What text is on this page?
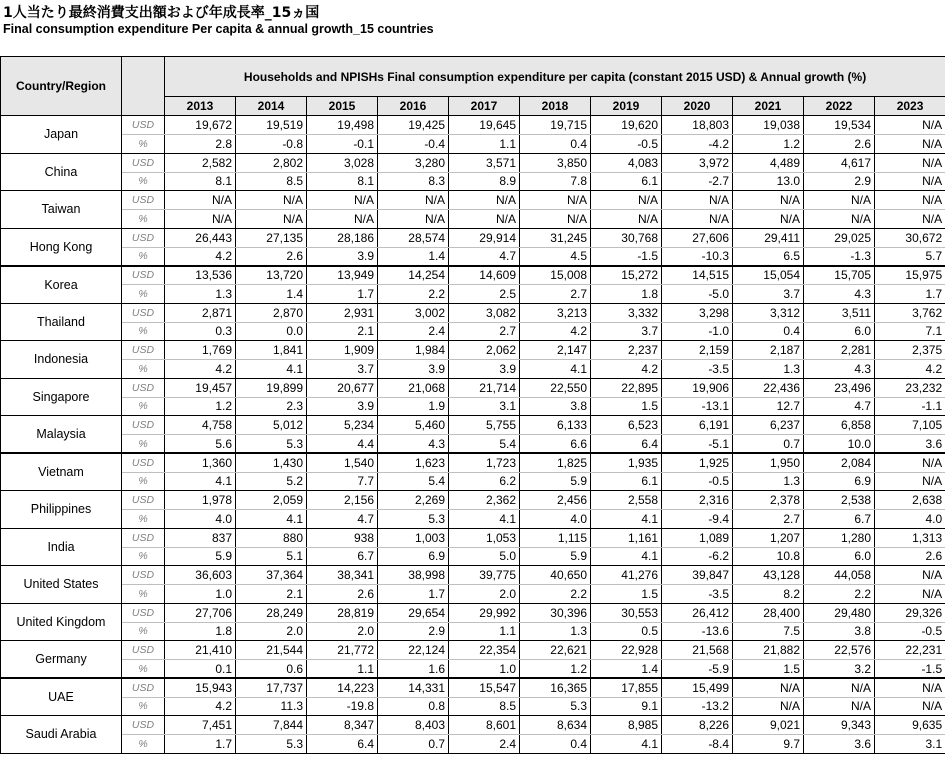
1人当たり最終消費支出額および年成長率_15ヵ国
Final consumption expenditure Per capita & annual growth_15 countries
Country/Region		Households and NPISHs Final consumption expenditure per capita (constant 2015 USD) & Annual growth (%)										
		2013	2014	2015	2016	2017	2018	2019	2020	2021	2022	2023
Japan	USD	19,672	19,519	19,498	19,425	19,645	19,715	19,620	18,803	19,038	19,534	N/A
	%	2.8	-0.8	-0.1	-0.4	1.1	0.4	-0.5	-4.2	1.2	2.6	N/A
China	USD	2,582	2,802	3,028	3,280	3,571	3,850	4,083	3,972	4,489	4,617	N/A
	%	8.1	8.5	8.1	8.3	8.9	7.8	6.1	-2.7	13.0	2.9	N/A
Taiwan	USD	N/A	N/A	N/A	N/A	N/A	N/A	N/A	N/A	N/A	N/A	N/A
	%	N/A	N/A	N/A	N/A	N/A	N/A	N/A	N/A	N/A	N/A	N/A
Hong Kong	USD	26,443	27,135	28,186	28,574	29,914	31,245	30,768	27,606	29,411	29,025	30,672
	%	4.2	2.6	3.9	1.4	4.7	4.5	-1.5	-10.3	6.5	-1.3	5.7
Korea	USD	13,536	13,720	13,949	14,254	14,609	15,008	15,272	14,515	15,054	15,705	15,975
	%	1.3	1.4	1.7	2.2	2.5	2.7	1.8	-5.0	3.7	4.3	1.7
Thailand	USD	2,871	2,870	2,931	3,002	3,082	3,213	3,332	3,298	3,312	3,511	3,762
	%	0.3	0.0	2.1	2.4	2.7	4.2	3.7	-1.0	0.4	6.0	7.1
Indonesia	USD	1,769	1,841	1,909	1,984	2,062	2,147	2,237	2,159	2,187	2,281	2,375
	%	4.2	4.1	3.7	3.9	3.9	4.1	4.2	-3.5	1.3	4.3	4.2
Singapore	USD	19,457	19,899	20,677	21,068	21,714	22,550	22,895	19,906	22,436	23,496	23,232
	%	1.2	2.3	3.9	1.9	3.1	3.8	1.5	-13.1	12.7	4.7	-1.1
Malaysia	USD	4,758	5,012	5,234	5,460	5,755	6,133	6,523	6,191	6,237	6,858	7,105
	%	5.6	5.3	4.4	4.3	5.4	6.6	6.4	-5.1	0.7	10.0	3.6
Vietnam	USD	1,360	1,430	1,540	1,623	1,723	1,825	1,935	1,925	1,950	2,084	N/A
	%	4.1	5.2	7.7	5.4	6.2	5.9	6.1	-0.5	1.3	6.9	N/A
Philippines	USD	1,978	2,059	2,156	2,269	2,362	2,456	2,558	2,316	2,378	2,538	2,638
	%	4.0	4.1	4.7	5.3	4.1	4.0	4.1	-9.4	2.7	6.7	4.0
India	USD	837	880	938	1,003	1,053	1,115	1,161	1,089	1,207	1,280	1,313
	%	5.9	5.1	6.7	6.9	5.0	5.9	4.1	-6.2	10.8	6.0	2.6
United States	USD	36,603	37,364	38,341	38,998	39,775	40,650	41,276	39,847	43,128	44,058	N/A
	%	1.0	2.1	2.6	1.7	2.0	2.2	1.5	-3.5	8.2	2.2	N/A
United Kingdom	USD	27,706	28,249	28,819	29,654	29,992	30,396	30,553	26,412	28,400	29,480	29,326
	%	1.8	2.0	2.0	2.9	1.1	1.3	0.5	-13.6	7.5	3.8	-0.5
Germany	USD	21,410	21,544	21,772	22,124	22,354	22,621	22,928	21,568	21,882	22,576	22,231
	%	0.1	0.6	1.1	1.6	1.0	1.2	1.4	-5.9	1.5	3.2	-1.5
UAE	USD	15,943	17,737	14,223	14,331	15,547	16,365	17,855	15,499	N/A	N/A	N/A
	%	4.2	11.3	-19.8	0.8	8.5	5.3	9.1	-13.2	N/A	N/A	N/A
Saudi Arabia	USD	7,451	7,844	8,347	8,403	8,601	8,634	8,985	8,226	9,021	9,343	9,635
	%	1.7	5.3	6.4	0.7	2.4	0.4	4.1	-8.4	9.7	3.6	3.1
